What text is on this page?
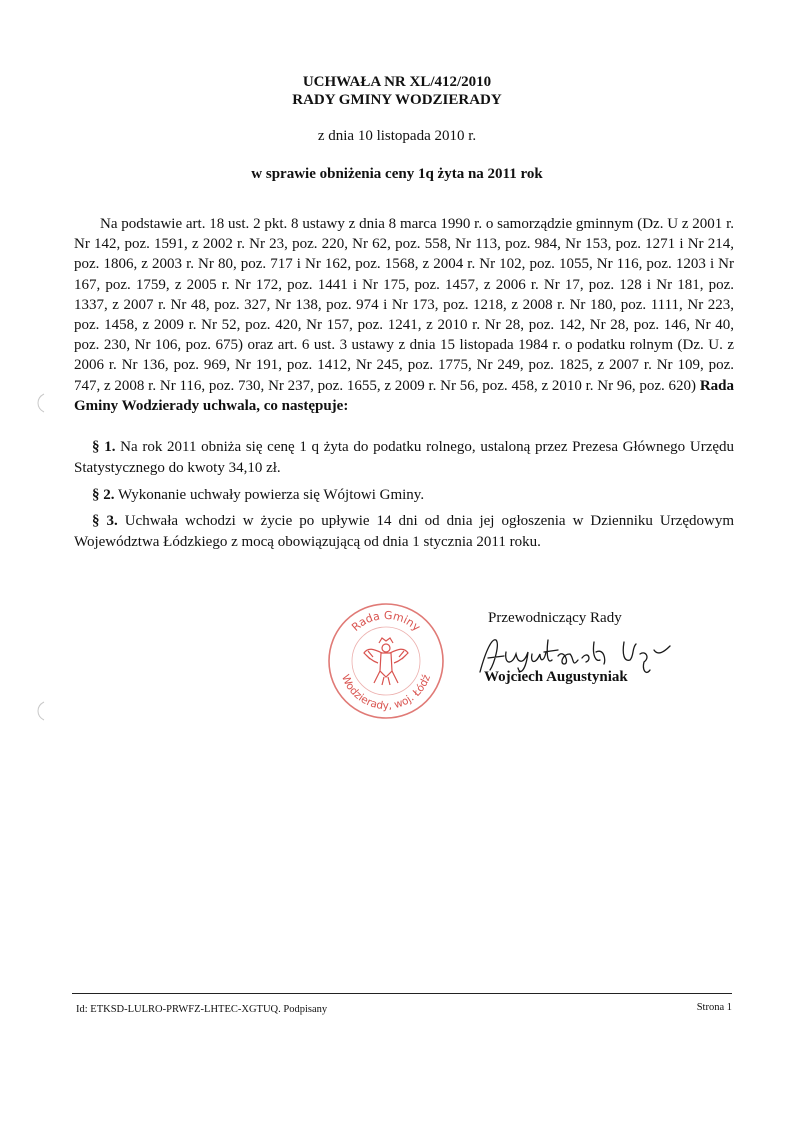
UCHWAŁA NR XL/412/2010
RADY GMINY WODZIERADY
z dnia 10 listopada 2010 r.
w sprawie obniżenia ceny 1q żyta na 2011 rok
Na podstawie art. 18 ust. 2 pkt. 8 ustawy z dnia 8 marca 1990 r. o samorządzie gminnym (Dz. U z 2001 r. Nr 142, poz. 1591, z 2002 r. Nr 23, poz. 220, Nr 62, poz. 558, Nr 113, poz. 984, Nr 153, poz. 1271 i Nr 214, poz. 1806, z 2003 r. Nr 80, poz. 717 i Nr 162, poz. 1568, z 2004 r. Nr 102, poz. 1055, Nr 116, poz. 1203 i Nr 167, poz. 1759, z 2005 r. Nr 172, poz. 1441 i Nr 175, poz. 1457, z 2006 r. Nr 17, poz. 128 i Nr 181, poz. 1337, z 2007 r. Nr 48, poz. 327, Nr 138, poz. 974 i Nr 173, poz. 1218, z 2008 r. Nr 180, poz. 1111, Nr 223, poz. 1458, z 2009 r. Nr 52, poz. 420, Nr 157, poz. 1241, z 2010 r. Nr 28, poz. 142, Nr 28, poz. 146, Nr 40, poz. 230, Nr 106, poz. 675) oraz art. 6 ust. 3 ustawy z dnia 15 listopada 1984 r. o podatku rolnym (Dz. U. z 2006 r. Nr 136, poz. 969, Nr 191, poz. 1412, Nr 245, poz. 1775, Nr 249, poz. 1825, z 2007 r. Nr 109, poz. 747, z 2008 r. Nr 116, poz. 730, Nr 237, poz. 1655, z 2009 r. Nr 56, poz. 458, z 2010 r. Nr 96, poz. 620) Rada Gminy Wodzierady uchwala, co następuje:
§ 1. Na rok 2011 obniża się cenę 1 q żyta do podatku rolnego, ustaloną przez Prezesa Głównego Urzędu Statystycznego do kwoty 34,10 zł.
§ 2. Wykonanie uchwały powierza się Wójtowi Gminy.
§ 3. Uchwała wchodzi w życie po upływie 14 dni od dnia jej ogłoszenia w Dzienniku Urzędowym Województwa Łódzkiego z mocą obowiązującą od dnia 1 stycznia 2011 roku.
Przewodniczący Rady
Wojciech Augustyniak
Rada Gminy
Wodzierady, woj. Łódź
Id: ETKSD-LULRO-PRWFZ-LHTEC-XGTUQ. Podpisany	Strona 1
